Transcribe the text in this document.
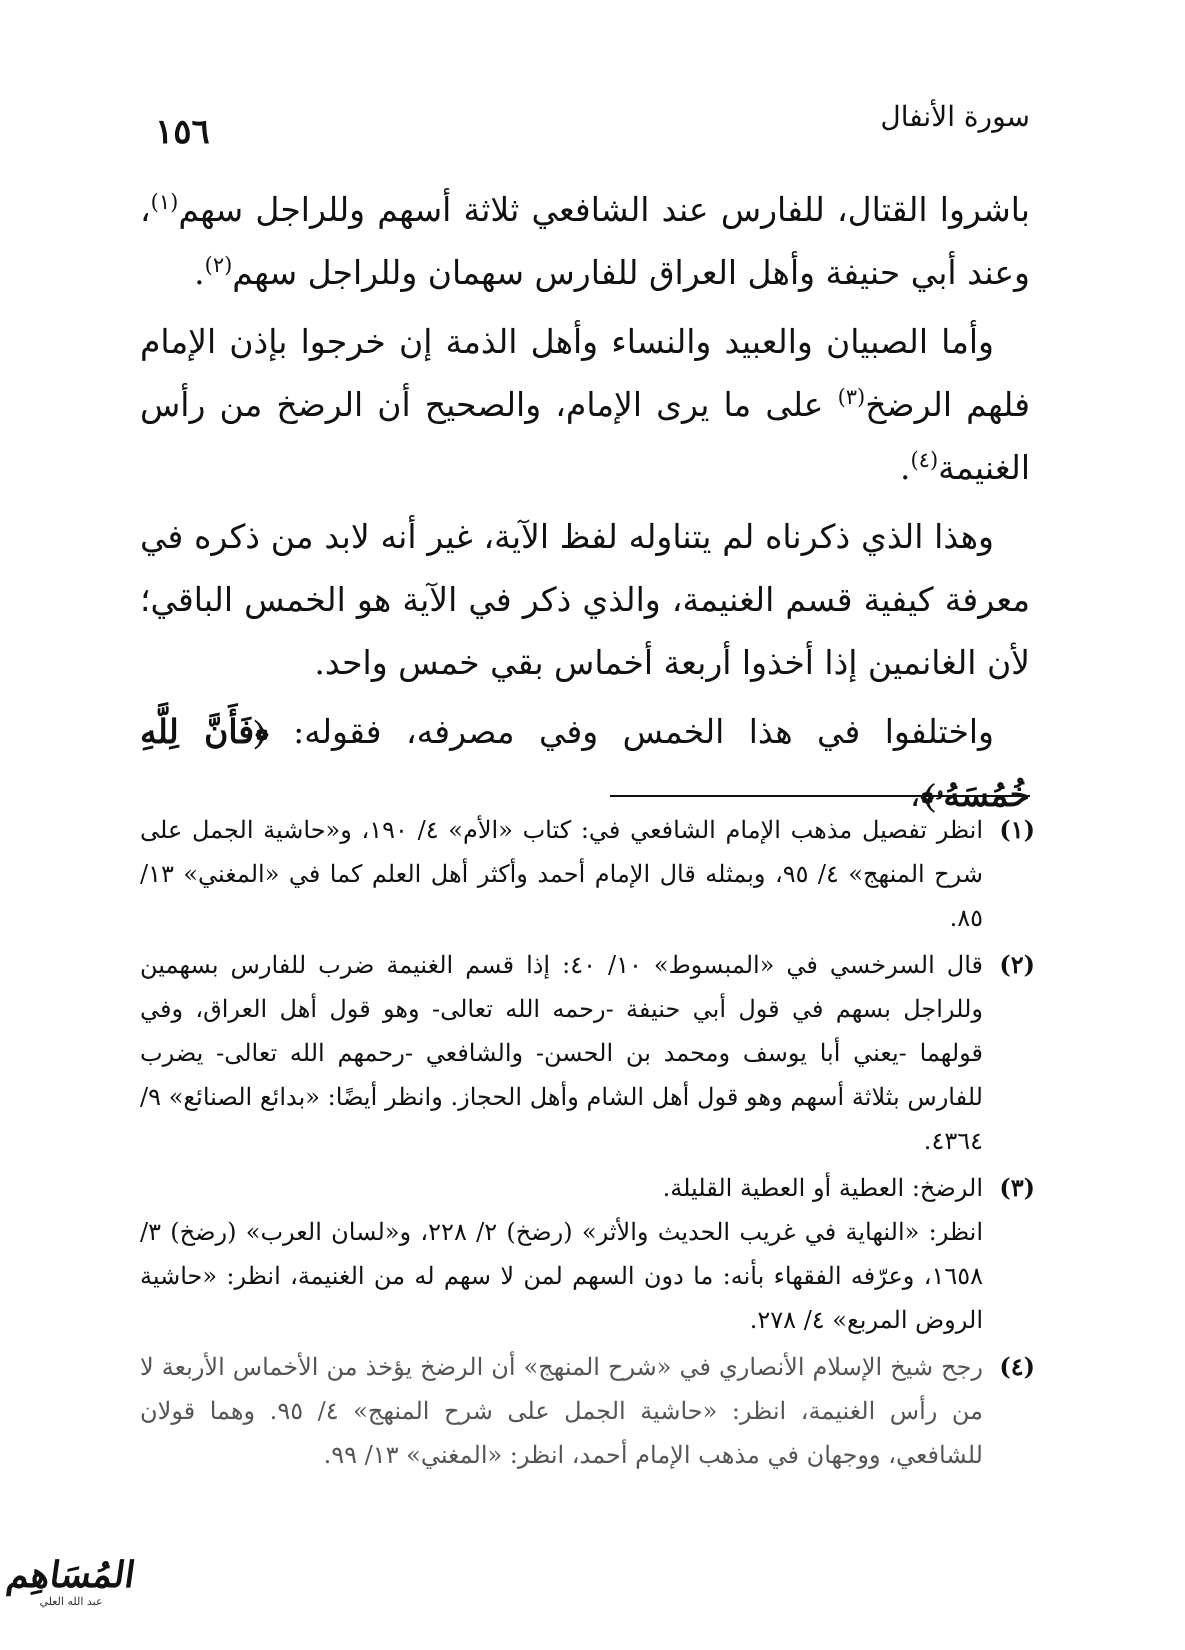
سورة الأنفال
١٥٦

باشروا القتال، للفارس عند الشافعي ثلاثة أسهم وللراجل سهم$^{(١)}$، وعند أبي حنيفة وأهل العراق للفارس سهمان وللراجل سهم$^{(٢)}$.

وأما الصبيان والعبيد والنساء وأهل الذمة إن خرجوا بإذن الإمام فلهم الرضخ$^{(٣)}$ على ما يرى الإمام، والصحيح أن الرضخ من رأس الغنيمة$^{(٤)}$.

وهذا الذي ذكرناه لم يتناوله لفظ الآية، غير أنه لابد من ذكره في معرفة كيفية قسم الغنيمة، والذي ذكر في الآية هو الخمس الباقي؛ لأن الغانمين إذا أخذوا أربعة أخماس بقي خمس واحد.

واختلفوا في هذا الخمس وفي مصرفه، فقوله: ﴿فَأَنَّ لِلَّهِ خُمُسَهُۥ﴾،

(١)
انظر تفصيل مذهب الإمام الشافعي في: كتاب «الأم» ٤/ ١٩٠، و«حاشية الجمل على شرح المنهج» ٤/ ٩٥، وبمثله قال الإمام أحمد وأكثر أهل العلم كما في «المغني» ١٣/ ٨٥.
(٢)
قال السرخسي في «المبسوط» ١٠/ ٤٠: إذا قسم الغنيمة ضرب للفارس بسهمين وللراجل بسهم في قول أبي حنيفة -رحمه الله تعالى- وهو قول أهل العراق، وفي قولهما -يعني أبا يوسف ومحمد بن الحسن- والشافعي -رحمهم الله تعالى- يضرب للفارس بثلاثة أسهم وهو قول أهل الشام وأهل الحجاز. وانظر أيضًا: «بدائع الصنائع» ٩/ ٤٣٦٤.
(٣)
الرضخ: العطية أو العطية القليلة.
انظر: «النهاية في غريب الحديث والأثر» (رضخ) ٢/ ٢٢٨، و«لسان العرب» (رضخ) ٣/ ١٦٥٨، وعرّفه الفقهاء بأنه: ما دون السهم لمن لا سهم له من الغنيمة، انظر: «حاشية الروض المربع» ٤/ ٢٧٨.
(٤)
رجح شيخ الإسلام الأنصاري في «شرح المنهج» أن الرضخ يؤخذ من الأخماس الأربعة لا من رأس الغنيمة، انظر: «حاشية الجمل على شرح المنهج» ٤/ ٩٥. وهما قولان للشافعي، ووجهان في مذهب الإمام أحمد، انظر: «المغني» ١٣/ ٩٩.
المُسَاهِم
عبد الله العلي
